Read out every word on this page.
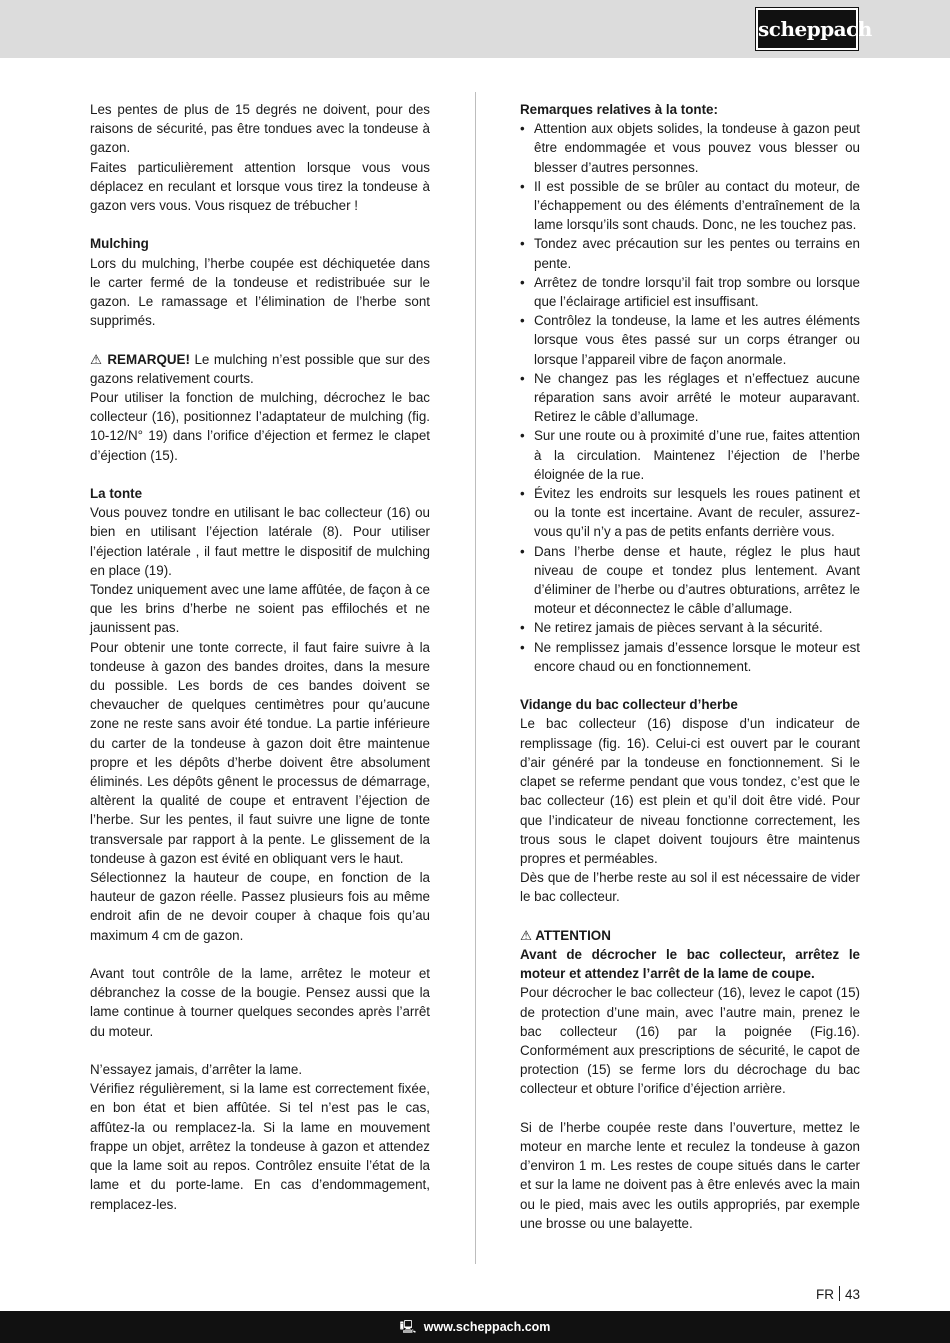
scheppach

Les pentes de plus de 15 degrés ne doivent, pour des raisons de sécurité, pas être tondues avec la tondeuse à gazon.

Faites particulièrement attention lorsque vous vous déplacez en reculant et lorsque vous tirez la tondeuse à gazon vers vous. Vous risquez de trébucher !

Mulching

Lors du mulching, l’herbe coupée est déchiquetée dans le carter fermé de la tondeuse et redistribuée sur le gazon. Le ramassage et l’élimination de l’herbe sont supprimés.

⚠ REMARQUE! Le mulching n’est possible que sur des gazons relativement courts.

Pour utiliser la fonction de mulching, décrochez le bac collecteur (16), positionnez l’adaptateur de mulching (fig. 10-12/N° 19) dans l’orifice d’éjection et fermez le clapet d’éjection (15).

La tonte

Vous pouvez tondre en utilisant le bac collecteur (16) ou bien en utilisant l’éjection latérale (8). Pour utiliser l’éjection latérale , il faut mettre le dispositif de mulching en place (19).

Tondez uniquement avec une lame affûtée, de façon à ce que les brins d’herbe ne soient pas effilochés et ne jaunissent pas.

Pour obtenir une tonte correcte, il faut faire suivre à la tondeuse à gazon des bandes droites, dans la mesure du possible. Les bords de ces bandes doivent se chevaucher de quelques centimètres pour qu’aucune zone ne reste sans avoir été tondue. La partie inférieure du carter de la tondeuse à gazon doit être maintenue propre et les dépôts d’herbe doivent être absolument éliminés. Les dépôts gênent le processus de démarrage, altèrent la qualité de coupe et entravent l’éjection de l’herbe. Sur les pentes, il faut suivre une ligne de tonte transversale par rapport à la pente. Le glissement de la tondeuse à gazon est évité en obliquant vers le haut.

Sélectionnez la hauteur de coupe, en fonction de la hauteur de gazon réelle. Passez plusieurs fois au même endroit afin de ne devoir couper à chaque fois qu’au maximum 4 cm de gazon.

Avant tout contrôle de la lame, arrêtez le moteur et débranchez la cosse de la bougie. Pensez aussi que la lame continue à tourner quelques secondes après l’arrêt du moteur.

N’essayez jamais, d’arrêter la lame.

Vérifiez régulièrement, si la lame est correctement fixée, en bon état et bien affûtée. Si tel n’est pas le cas, affûtez-la ou remplacez-la. Si la lame en mouvement frappe un objet, arrêtez la tondeuse à gazon et attendez que la lame soit au repos. Contrôlez ensuite l’état de la lame et du porte-lame. En cas d’endommagement, remplacez-les.

Remarques relatives à la tonte:

• Attention aux objets solides, la tondeuse à gazon peut être endommagée et vous pouvez vous blesser ou blesser d’autres personnes.
• Il est possible de se brûler au contact du moteur, de l’échappement ou des éléments d’entraînement de la lame lorsqu’ils sont chauds. Donc, ne les touchez pas.
• Tondez avec précaution sur les pentes ou terrains en pente.
• Arrêtez de tondre lorsqu’il fait trop sombre ou lorsque que l’éclairage artificiel est insuffisant.
• Contrôlez la tondeuse, la lame et les autres éléments lorsque vous êtes passé sur un corps étranger ou lorsque l’appareil vibre de façon anormale.
• Ne changez pas les réglages et n’effectuez aucune réparation sans avoir arrêté le moteur auparavant. Retirez le câble d’allumage.
• Sur une route ou à proximité d’une rue, faites attention à la circulation. Maintenez l’éjection de l’herbe éloignée de la rue.
• Évitez les endroits sur lesquels les roues patinent et ou la tonte est incertaine. Avant de reculer, assurez-vous qu’il n’y a pas de petits enfants derrière vous.
• Dans l’herbe dense et haute, réglez le plus haut niveau de coupe et tondez plus lentement. Avant d’éliminer de l’herbe ou d’autres obturations, arrêtez le moteur et déconnectez le câble d’allumage.
• Ne retirez jamais de pièces servant à la sécurité.
• Ne remplissez jamais d’essence lorsque le moteur est encore chaud ou en fonctionnement.

Vidange du bac collecteur d’herbe

Le bac collecteur (16) dispose d’un indicateur de remplissage (fig. 16). Celui-ci est ouvert par le courant d’air généré par la tondeuse en fonctionnement. Si le clapet se referme pendant que vous tondez, c’est que le bac collecteur (16) est plein et qu’il doit être vidé. Pour que l’indicateur de niveau fonctionne correctement, les trous sous le clapet doivent toujours être maintenus propres et perméables.

Dès que de l’herbe reste au sol il est nécessaire de vider le bac collecteur.

⚠ ATTENTION

Avant de décrocher le bac collecteur, arrêtez le moteur et attendez l’arrêt de la lame de coupe.

Pour décrocher le bac collecteur (16), levez le capot (15) de protection d’une main, avec l’autre main, prenez le bac collecteur (16) par la poignée (Fig.16). Conformément aux prescriptions de sécurité, le capot de protection (15) se ferme lors du décrochage du bac collecteur et obture l’orifice d’éjection arrière.

Si de l’herbe coupée reste dans l’ouverture, mettez le moteur en marche lente et reculez la tondeuse à gazon d’environ 1 m. Les restes de coupe situés dans le carter et sur la lame ne doivent pas à être enlevés avec la main ou le pied, mais avec les outils appropriés, par exemple une brosse ou une balayette.

FR 43
🖳 www.scheppach.com
